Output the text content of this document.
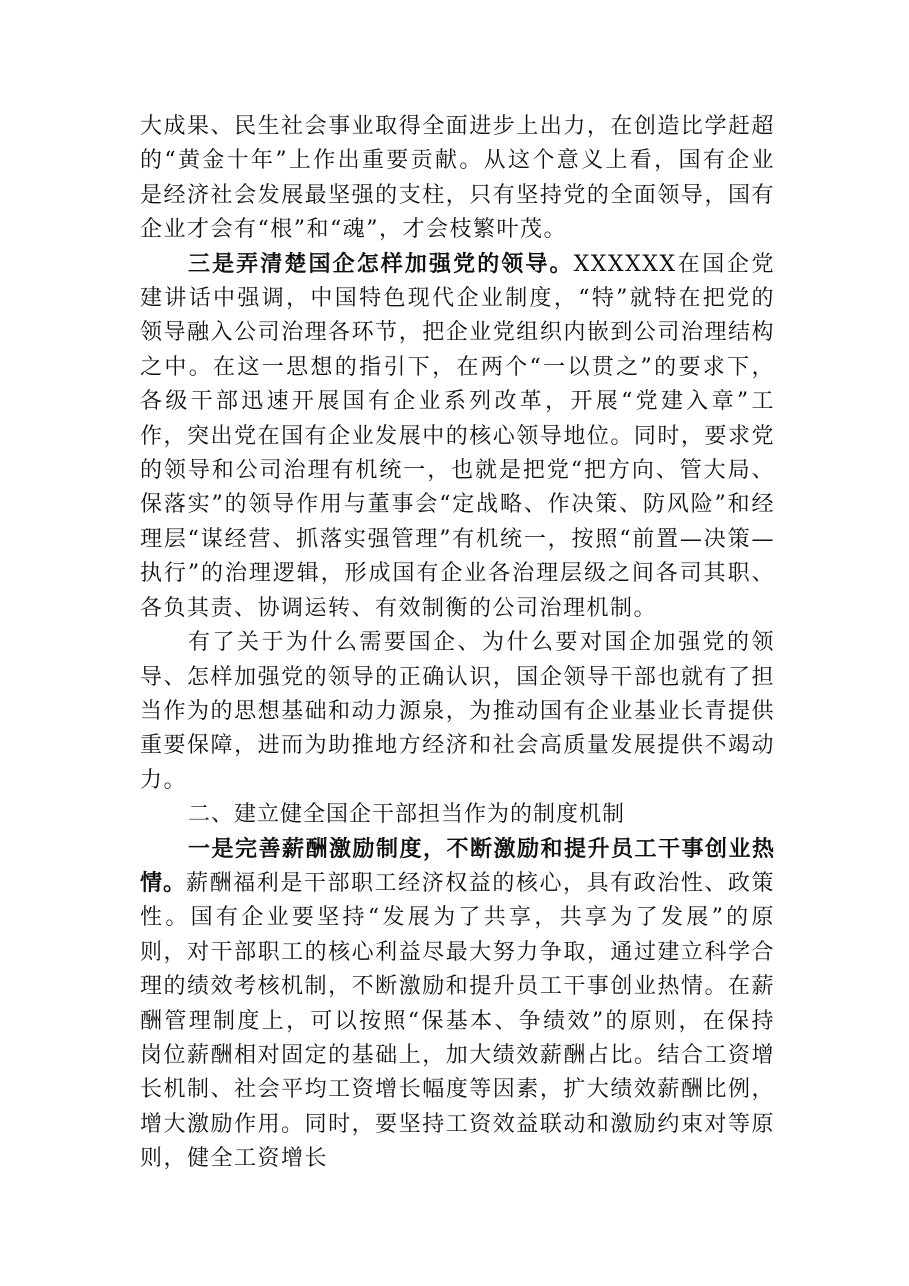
大成果、民生社会事业取得全面进步上出力，在创造比学赶超的“黄金十年”上作出重要贡献。从这个意义上看，国有企业是经济社会发展最坚强的支柱，只有坚持党的全面领导，国有企业才会有“根”和“魂”，才会枝繁叶茂。

三是弄清楚国企怎样加强党的领导。XXXXXX在国企党建讲话中强调，中国特色现代企业制度，“特”就特在把党的领导融入公司治理各环节，把企业党组织内嵌到公司治理结构之中。在这一思想的指引下，在两个“一以贯之”的要求下，各级干部迅速开展国有企业系列改革，开展“党建入章”工作，突出党在国有企业发展中的核心领导地位。同时，要求党的领导和公司治理有机统一，也就是把党“把方向、管大局、保落实”的领导作用与董事会“定战略、作决策、防风险”和经理层“谋经营、抓落实强管理”有机统一，按照“前置—决策—执行”的治理逻辑，形成国有企业各治理层级之间各司其职、各负其责、协调运转、有效制衡的公司治理机制。

有了关于为什么需要国企、为什么要对国企加强党的领导、怎样加强党的领导的正确认识，国企领导干部也就有了担当作为的思想基础和动力源泉，为推动国有企业基业长青提供重要保障，进而为助推地方经济和社会高质量发展提供不竭动力。

二、建立健全国企干部担当作为的制度机制

一是完善薪酬激励制度，不断激励和提升员工干事创业热情。薪酬福利是干部职工经济权益的核心，具有政治性、政策性。国有企业要坚持“发展为了共享，共享为了发展”的原则，对干部职工的核心利益尽最大努力争取，通过建立科学合理的绩效考核机制，不断激励和提升员工干事创业热情。在薪酬管理制度上，可以按照“保基本、争绩效”的原则，在保持岗位薪酬相对固定的基础上，加大绩效薪酬占比。结合工资增长机制、社会平均工资增长幅度等因素，扩大绩效薪酬比例，增大激励作用。同时，要坚持工资效益联动和激励约束对等原则，健全工资增长
